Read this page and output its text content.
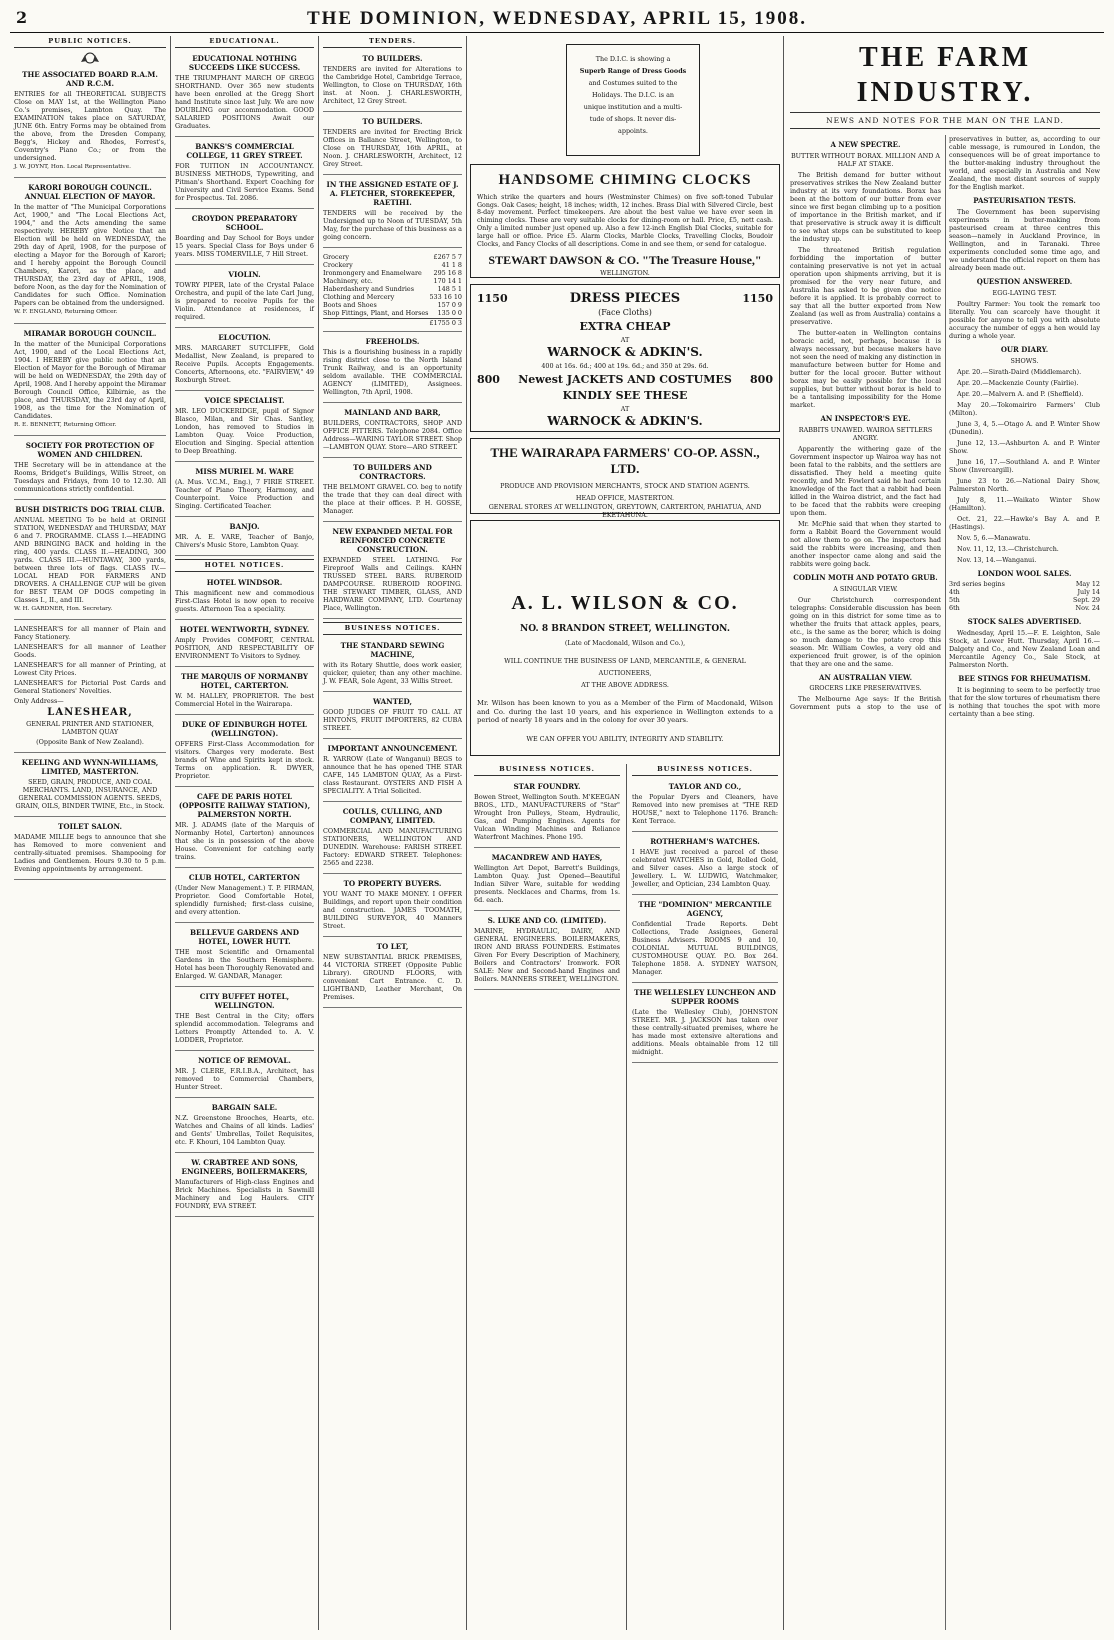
2	THE DOMINION, WEDNESDAY, APRIL 15, 1908.
PUBLIC NOTICES.
THE ASSOCIATED BOARD R.A.M. AND R.C.M.

ENTRIES for all THEORETICAL SUBJECTS Close on MAY 1st, at the Wellington Piano Co.'s premises, Lambton Quay. The EXAMINATION takes place on SATURDAY, JUNE 6th. Entry Forms may be obtained from the above, from the Dresden Company, Begg's, Hickey and Rhodes, Forrest's, Coventry's Piano Co.; or from the undersigned.

J. W. JOYNT, Hon. Local Representative.

KARORI BOROUGH COUNCIL. ANNUAL ELECTION OF MAYOR.

In the matter of "The Municipal Corporations Act, 1900," and "The Local Elections Act, 1904," and the Acts amending the same respectively. HEREBY give Notice that an Election will be held on WEDNESDAY, the 29th day of April, 1908, for the purpose of electing a Mayor for the Borough of Karori; and I hereby appoint the Borough Council Chambers, Karori, as the place, and THURSDAY, the 23rd day of APRIL, 1908, before Noon, as the day for the Nomination of Candidates for such Office. Nomination Papers can be obtained from the undersigned.

W. F. ENGLAND, Returning Officer.

MIRAMAR BOROUGH COUNCIL.

In the matter of the Municipal Corporations Act, 1900, and of the Local Elections Act, 1904. I HEREBY give public notice that an Election of Mayor for the Borough of Miramar will be held on WEDNESDAY, the 29th day of April, 1908. And I hereby appoint the Miramar Borough Council Office, Kilbirnie, as the place, and THURSDAY, the 23rd day of April, 1908, as the time for the Nomination of Candidates.

R. E. BENNETT, Returning Officer.

SOCIETY FOR PROTECTION OF WOMEN AND CHILDREN.

THE Secretary will be in attendance at the Rooms, Bridget's Buildings, Willis Street, on Tuesdays and Fridays, from 10 to 12.30. All communications strictly confidential.

BUSH DISTRICTS DOG TRIAL CLUB.

ANNUAL MEETING To be held at ORINGI STATION, WEDNESDAY and THURSDAY, MAY 6 and 7. PROGRAMME. CLASS I.—HEADING AND BRINGING BACK and holding in the ring, 400 yards. CLASS II.—HEADING, 300 yards. CLASS III.—HUNTAWAY, 300 yards, between three lots of flags. CLASS IV.—LOCAL HEAD FOR FARMERS AND DROVERS. A CHALLENGE CUP will be given for BEST TEAM OF DOGS competing in Classes I., II., and III.

W. H. GARDNER, Hon. Secretary.

LANESHEAR'S for all manner of Plain and Fancy Stationery.

LANESHEAR'S for all manner of Leather Goods.

LANESHEAR'S for all manner of Printing, at Lowest City Prices.

LANESHEAR'S for Pictorial Post Cards and General Stationers' Novelties.

Only Address—

LANESHEAR,

GENERAL PRINTER AND STATIONER, LAMBTON QUAY

(Opposite Bank of New Zealand).

KEELING AND WYNN-WILLIAMS, LIMITED, MASTERTON.

SEED, GRAIN, PRODUCE, AND COAL MERCHANTS. LAND, INSURANCE, AND GENERAL COMMISSION AGENTS. SEEDS, GRAIN, OILS, BINDER TWINE, Etc., in Stock.

TOILET SALON.

MADAME MILLIE begs to announce that she has Removed to more convenient and centrally-situated premises. Shampooing for Ladies and Gentlemen. Hours 9.30 to 5 p.m. Evening appointments by arrangement.

EDUCATIONAL.
EDUCATIONAL NOTHING SUCCEEDS LIKE SUCCESS.

THE TRIUMPHANT MARCH OF GREGG SHORTHAND. Over 365 new students have been enrolled at the Gregg Short hand Institute since last July. We are now DOUBLING our accommodation. GOOD SALARIED POSITIONS Await our Graduates.

BANKS'S COMMERCIAL COLLEGE, 11 GREY STREET.

FOR TUITION IN ACCOUNTANCY. BUSINESS METHODS, Typewriting, and Pitman's Shorthand. Expert Coaching for University and Civil Service Exams. Send for Prospectus. Tel. 2086.

CROYDON PREPARATORY SCHOOL.

Boarding and Day School for Boys under 15 years. Special Class for Boys under 6 years. MISS TOMERVILLE, 7 Hill Street.

VIOLIN.

TOWRY PIPER, late of the Crystal Palace Orchestra, and pupil of the late Carl Jung, is prepared to receive Pupils for the Violin. Attendance at residences, if required.

ELOCUTION.

MRS. MARGARET SUTCLIFFE, Gold Medallist, New Zealand, is prepared to Receive Pupils. Accepts Engagements. Concerts, Afternoons, etc. "FAIRVIEW," 49 Roxburgh Street.

VOICE SPECIALIST.

MR. LEO DUCKERIDGE, pupil of Signor Blasco, Milan, and Sir Chas. Santley, London, has removed to Studios in Lambton Quay. Voice Production, Elocution and Singing. Special attention to Deep Breathing.

MISS MURIEL M. WARE

(A. Mus. V.C.M., Eng.), 7 FIRIE STREET. Teacher of Piano Theory, Harmony, and Counterpoint. Voice Production and Singing. Certificated Teacher.

BANJO.

MR. A. E. VARE, Teacher of Banjo, Chivers's Music Store, Lambton Quay.

HOTEL NOTICES.
HOTEL WINDSOR.

This magnificent new and commodious First-Class Hotel is now open to receive guests. Afternoon Tea a speciality.

HOTEL WENTWORTH, SYDNEY.

Amply Provides COMFORT, CENTRAL POSITION, AND RESPECTABILITY OF ENVIRONMENT To Visitors to Sydney.

THE MARQUIS OF NORMANBY HOTEL, CARTERTON.

W. M. HALLEY, PROPRIETOR. The best Commercial Hotel in the Wairarapa.

DUKE OF EDINBURGH HOTEL (WELLINGTON).

OFFERS First-Class Accommodation for visitors. Charges very moderate. Best brands of Wine and Spirits kept in stock. Terms on application. R. DWYER, Proprietor.

CAFE DE PARIS HOTEL (OPPOSITE RAILWAY STATION), PALMERSTON NORTH.

MR. J. ADAMS (late of the Marquis of Normanby Hotel, Carterton) announces that she is in possession of the above House. Convenient for catching early trains.

CLUB HOTEL, CARTERTON

(Under New Management.) T. P. FIRMAN, Proprietor. Good Comfortable Hotel, splendidly furnished; first-class cuisine, and every attention.

BELLEVUE GARDENS AND HOTEL, LOWER HUTT.

THE most Scientific and Ornamental Gardens in the Southern Hemisphere. Hotel has been Thoroughly Renovated and Enlarged. W. GANDAR, Manager.

CITY BUFFET HOTEL, WELLINGTON.

THE Best Central in the City; offers splendid accommodation. Telegrams and Letters Promptly Attended to. A. V. LODDER, Proprietor.

NOTICE OF REMOVAL.

MR. J. CLERE, F.R.I.B.A., Architect, has removed to Commercial Chambers, Hunter Street.

BARGAIN SALE.

N.Z. Greenstone Brooches, Hearts, etc. Watches and Chains of all kinds. Ladies' and Gents' Umbrellas, Toilet Requisites, etc. F. Khouri, 104 Lambton Quay.

W. CRABTREE AND SONS, ENGINEERS, BOILERMAKERS,

Manufacturers of High-class Engines and Brick Machines. Specialists in Sawmill Machinery and Log Haulers. CITY FOUNDRY, EVA STREET.

TENDERS.
TO BUILDERS.

TENDERS are invited for Alterations to the Cambridge Hotel, Cambridge Terrace, Wellington, to Close on THURSDAY, 16th inst. at Noon. J. CHARLESWORTH, Architect, 12 Grey Street.

TO BUILDERS.

TENDERS are invited for Erecting Brick Offices in Ballance Street, Wellington, to Close on THURSDAY, 16th APRIL, at Noon. J. CHARLESWORTH, Architect, 12 Grey Street.

IN THE ASSIGNED ESTATE OF J. A. FLETCHER, STOREKEEPER, RAETIHI.

TENDERS will be received by the Undersigned up to Noon of TUESDAY, 5th May, for the purchase of this business as a going concern.

Grocery	£267 5 7
Crockery	41 1 8
Ironmongery and Enamelware 295 16 8
Machinery, etc.	170 14 1
Haberdashery and Sundries	148 5 1
Clothing and Mercery	533 16 10
Boots and Shoes	157 0 9
Shop Fittings, Plant, and Horses 135 0 0
£1755 0 3
FREEHOLDS.

This is a flourishing business in a rapidly rising district close to the North Island Trunk Railway, and is an opportunity seldom available. THE COMMERCIAL AGENCY (LIMITED), Assignees. Wellington, 7th April, 1908.

MAINLAND AND BARR,

BUILDERS, CONTRACTORS, SHOP AND OFFICE FITTERS. Telephone 2084. Office Address—WARING TAYLOR STREET. Shop—LAMBTON QUAY. Store—ARO STREET.

TO BUILDERS AND CONTRACTORS.

THE BELMONT GRAVEL CO. beg to notify the trade that they can deal direct with the place at their offices. P. H. GOSSE, Manager.

NEW EXPANDED METAL FOR REINFORCED CONCRETE CONSTRUCTION.

EXPANDED STEEL LATHING. For Fireproof Walls and Ceilings. KAHN TRUSSED STEEL BARS. RUBEROID DAMPCOURSE. RUBEROID ROOFING. THE STEWART TIMBER, GLASS, AND HARDWARE COMPANY, LTD. Courtenay Place, Wellington.

BUSINESS NOTICES.
THE STANDARD SEWING MACHINE,

with its Rotary Shuttle, does work easier, quicker, quieter, than any other machine. J. W. FEAR, Sole Agent, 33 Willis Street.

WANTED,

GOOD JUDGES OF FRUIT TO CALL AT HINTONS, FRUIT IMPORTERS, 82 CUBA STREET.

IMPORTANT ANNOUNCEMENT.

R. YARROW (Late of Wanganui) BEGS to announce that he has opened THE STAR CAFE, 145 LAMBTON QUAY, As a First-class Restaurant. OYSTERS AND FISH A SPECIALITY. A Trial Solicited.

COULLS, CULLING, AND COMPANY, LIMITED.

COMMERCIAL AND MANUFACTURING STATIONERS, WELLINGTON AND DUNEDIN. Warehouse: FARISH STREET. Factory: EDWARD STREET. Telephones: 2565 and 2238.

TO PROPERTY BUYERS.

YOU WANT TO MAKE MONEY. I OFFER Buildings, and report upon their condition and construction. JAMES TOOMATH, BUILDING SURVEYOR, 40 Manners Street.

TO LET,

NEW SUBSTANTIAL BRICK PREMISES, 44 VICTORIA STREET (Opposite Public Library). GROUND FLOORS, with convenient Cart Entrance. C. D. LIGHTBAND, Leather Merchant, On Premises.

The D.I.C. is showing a

Superb Range of Dress Goods

and Costumes suited to the

Holidays. The D.I.C. is an

unique institution and a multi-

tude of shops. It never dis-

appoints.

HANDSOME CHIMING CLOCKS

Which strike the quarters and hours (Westminster Chimes) on five soft-toned Tubular Gongs. Oak Cases; height, 18 inches; width, 12 inches. Brass Dial with Silvered Circle, best 8-day movement. Perfect timekeepers. Are about the best value we have ever seen in chiming clocks. These are very suitable clocks for dining-room or hall. Price, £5, nett cash. Only a limited number just opened up. Also a few 12-inch English Dial Clocks, suitable for large hall or office. Price £5. Alarm Clocks, Marble Clocks, Travelling Clocks, Boudoir Clocks, and Fancy Clocks of all descriptions. Come in and see them, or send for catalogue.

STEWART DAWSON & CO. "The Treasure House,"

WELLINGTON.

1150	DRESS PIECES	1150

(Face Cloths)

EXTRA CHEAP

AT

WARNOCK & ADKIN'S.

400 at 16s. 6d.; 400 at 19s. 6d.; and 350 at 29s. 6d.

800 Newest JACKETS AND COSTUMES 800

KINDLY SEE THESE

AT

WARNOCK & ADKIN'S.

THE WAIRARAPA FARMERS' CO-OP. ASSN., LTD.

PRODUCE AND PROVISION MERCHANTS, STOCK AND STATION AGENTS.

HEAD OFFICE, MASTERTON.

GENERAL STORES AT WELLINGTON, GREYTOWN, CARTERTON, PAHIATUA, AND EKETAHUNA.

A. L. WILSON & CO.

NO. 8 BRANDON STREET, WELLINGTON.

(Late of Macdonald, Wilson and Co.),

WILL CONTINUE THE BUSINESS OF LAND, MERCANTILE, & GENERAL

AUCTIONEERS,

AT THE ABOVE ADDRESS.

Mr. Wilson has been known to you as a Member of the Firm of Macdonald, Wilson and Co. during the last 10 years, and his experience in Wellington extends to a period of nearly 18 years and in the colony for over 30 years.

WE CAN OFFER YOU ABILITY, INTEGRITY AND STABILITY.

BUSINESS NOTICES.
STAR FOUNDRY.

Bowen Street, Wellington South. M'KEEGAN BROS., LTD., MANUFACTURERS of "Star" Wrought Iron Pulleys, Steam, Hydraulic, Gas, and Pumping Engines. Agents for Vulcan Winding Machines and Reliance Waterfront Machines. Phone 195.

MACANDREW AND HAYES,

Wellington Art Depot, Barrett's Buildings, Lambton Quay. Just Opened—Beautiful Indian Silver Ware, suitable for wedding presents. Necklaces and Charms, from 1s. 6d. each.

S. LUKE AND CO. (LIMITED).

MARINE, HYDRAULIC, DAIRY, AND GENERAL ENGINEERS. BOILERMAKERS, IRON AND BRASS FOUNDERS. Estimates Given For Every Description of Machinery, Boilers and Contractors' Ironwork. FOR SALE: New and Second-hand Engines and Boilers. MANNERS STREET, WELLINGTON.

BUSINESS NOTICES.
TAYLOR AND CO.,

the Popular Dyers and Cleaners, have Removed into new premises at "THE RED HOUSE," next to Telephone 1176. Branch: Kent Terrace.

ROTHERHAM'S WATCHES.

I HAVE just received a parcel of these celebrated WATCHES in Gold, Rolled Gold, and Silver cases. Also a large stock of Jewellery. L. W. LUDWIG, Watchmaker, Jeweller, and Optician, 234 Lambton Quay.

THE "DOMINION" MERCANTILE AGENCY,

Confidential Trade Reports. Debt Collections, Trade Assignees, General Business Advisers. ROOMS 9 and 10, COLONIAL MUTUAL BUILDINGS, CUSTOMHOUSE QUAY. P.O. Box 264. Telephone 1858. A. SYDNEY WATSON, Manager.

THE WELLESLEY LUNCHEON AND SUPPER ROOMS

(Late the Wellesley Club), JOHNSTON STREET. MR. J. JACKSON has taken over these centrally-situated premises, where he has made most extensive alterations and additions. Meals obtainable from 12 till midnight.

THE FARM INDUSTRY.
NEWS AND NOTES FOR THE MAN ON THE LAND.
A NEW SPECTRE.
BUTTER WITHOUT BORAX. MILLION AND A HALF AT STAKE.

The British demand for butter without preservatives strikes the New Zealand butter industry at its very foundations. Borax has been at the bottom of our butter from ever since we first began climbing up to a position of importance in the British market, and if that preservative is struck away it is difficult to see what steps can be substituted to keep the industry up.

The threatened British regulation forbidding the importation of butter containing preservative is not yet in actual operation upon shipments arriving, but it is promised for the very near future, and Australia has asked to be given due notice before it is applied. It is probably correct to say that all the butter exported from New Zealand (as well as from Australia) contains a preservative.

The butter-eaten in Wellington contains boracic acid, not, perhaps, because it is always necessary, but because makers have not seen the need of making any distinction in manufacture between butter for Home and butter for the local grocer. Butter without borax may be easily possible for the local supplies, but butter without borax is held to be a tantalising impossibility for the Home market.

AN INSPECTOR'S EYE.
RABBITS UNAWED. WAIROA SETTLERS ANGRY.

Apparently the withering gaze of the Government inspector up Wairoa way has not been fatal to the rabbits, and the settlers are dissatisfied. They held a meeting quite recently, and Mr. Fowlerd said he had certain knowledge of the fact that a rabbit had been killed in the Wairoa district, and the fact had to be faced that the rabbits were creeping upon them.

Mr. McPhie said that when they started to form a Rabbit Board the Government would not allow them to go on. The inspectors had said the rabbits were increasing, and then another inspector came along and said the rabbits were going back.

CODLIN MOTH AND POTATO GRUB.
A SINGULAR VIEW.

Our Christchurch correspondent telegraphs: Considerable discussion has been going on in this district for some time as to whether the fruits that attack apples, pears, etc., is the same as the borer, which is doing so much damage to the potato crop this season. Mr. William Cowles, a very old and experienced fruit grower, is of the opinion that they are one and the same.

AN AUSTRALIAN VIEW.
GROCERS LIKE PRESERVATIVES.

The Melbourne Age says: If the British Government puts a stop to the use of preservatives in butter, as, according to our cable message, is rumoured in London, the consequences will be of great importance to the butter-making industry throughout the world, and especially in Australia and New Zealand, the most distant sources of supply for the English market.

PASTEURISATION TESTS.

The Government has been supervising experiments in butter-making from pasteurised cream at three centres this season—namely in Auckland Province, in Wellington, and in Taranaki. Three experiments concluded some time ago, and we understand the official report on them has already been made out.

QUESTION ANSWERED.
EGG-LAYING TEST.

Poultry Farmer: You took the remark too literally. You can scarcely have thought it possible for anyone to tell you with absolute accuracy the number of eggs a hen would lay during a whole year.

OUR DIARY.
SHOWS.

Apr. 20.—Sirath-Daird (Middlemarch).

Apr. 20.—Mackenzie County (Fairlie).

Apr. 20.—Malvern A. and P. (Sheffield).

May 20.—Tokomairiro Farmers' Club (Milton).

June 3, 4, 5.—Otago A. and P. Winter Show (Dunedin).

June 12, 13.—Ashburton A. and P. Winter Show.

June 16, 17.—Southland A. and P. Winter Show (Invercargill).

June 23 to 26.—National Dairy Show, Palmerston North.

July 8, 11.—Waikato Winter Show (Hamilton).

Oct. 21, 22.—Hawke's Bay A. and P. (Hastings).

Nov. 5, 6.—Manawatu.

Nov. 11, 12, 13.—Christchurch.

Nov. 13, 14.—Wanganui.

LONDON WOOL SALES.
3rd series begins	May 12
4th	July 14
5th	Sept. 29
6th	Nov. 24
STOCK SALES ADVERTISED.

Wednesday, April 15.—F. E. Leighton, Sale Stock, at Lower Hutt. Thursday, April 16.—Dalgety and Co., and New Zealand Loan and Mercantile Agency Co., Sale Stock, at Palmerston North.

BEE STINGS FOR RHEUMATISM.

It is beginning to seem to be perfectly true that for the slow tortures of rheumatism there is nothing that touches the spot with more certainty than a bee sting.
